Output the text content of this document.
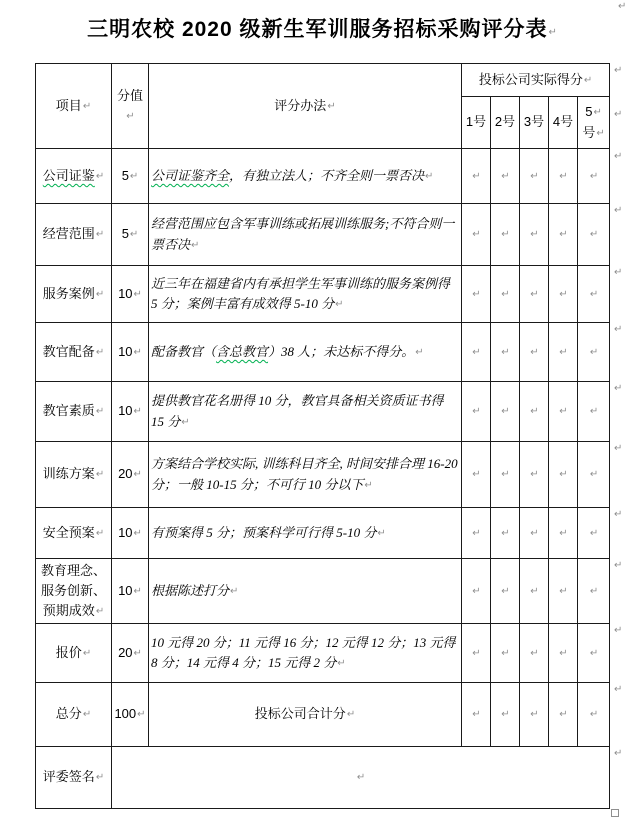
↵
三明农校 2020 级新生军训服务招标采购评分表↵
项目↵	分值↵	评分办法↵	投标公司实际得分↵				
			1号	2号	3号	4号	5↵
号↵
公司证鉴↵	5↵	公司证鉴齐全，有独立法人；不齐全则一票否决↵	↵	↵	↵	↵	↵
经营范围↵	5↵	经营范围应包含军事训练或拓展训练服务;不符合则一票否决↵	↵	↵	↵	↵	↵
服务案例↵	10↵	近三年在福建省内有承担学生军事训练的服务案例得 5 分；案例丰富有成效得 5-10 分↵	↵	↵	↵	↵	↵
教官配备↵	10↵	配备教官（含总教官）38 人；未达标不得分。↵	↵	↵	↵	↵	↵
教官素质↵	10↵	提供教官花名册得 10 分，教官具备相关资质证书得 15 分↵	↵	↵	↵	↵	↵
训练方案↵	20↵	方案结合学校实际, 训练科目齐全, 时间安排合理 16-20 分；一般 10-15 分；不可行 10 分以下↵	↵	↵	↵	↵	↵
安全预案↵	10↵	有预案得 5 分；预案科学可行得 5-10 分↵	↵	↵	↵	↵	↵
教育理念、服务创新、预期成效↵	10↵	根据陈述打分↵	↵	↵	↵	↵	↵
报价↵	20↵	10 元得 20 分；11 元得 16 分；12 元得 12 分；13 元得 8 分；14 元得 4 分；15 元得 2 分↵	↵	↵	↵	↵	↵
总分↵	100↵	投标公司合计分↵	↵	↵	↵	↵	↵
评委签名↵	↵						
↵
↵
↵
↵
↵
↵
↵
↵
↵
↵
↵
↵
↵
